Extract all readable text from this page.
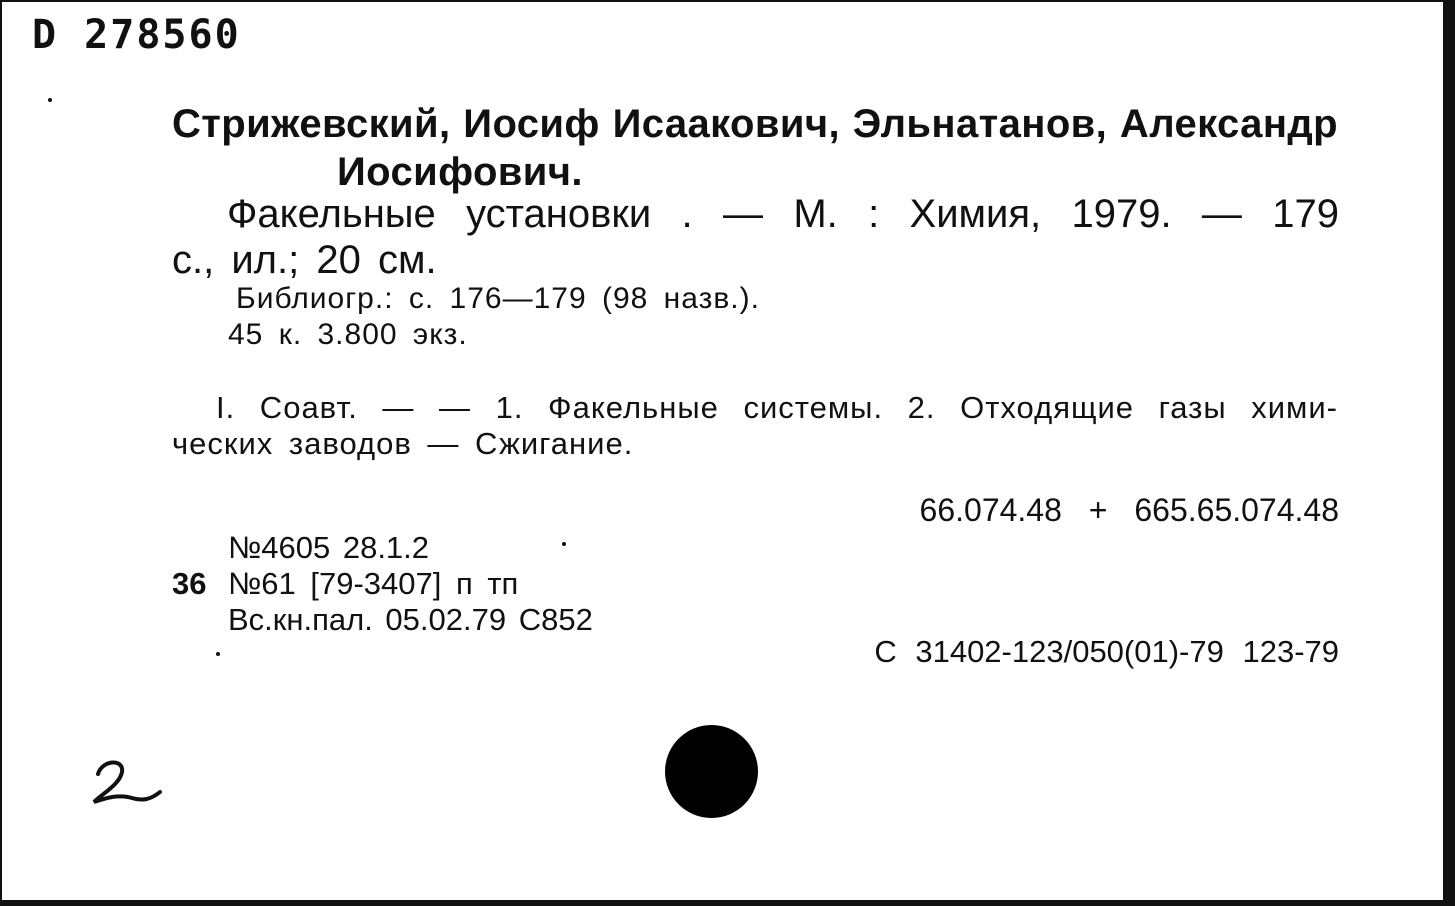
D 278560
Стрижевский, Иосиф Исаакович, Эльнатанов, Александр
Иосифович.
Факельные установки . — М. : Химия, 1979. — 179
с., ил.; 20 см.
Библиогр.: с. 176—179 (98 назв.).
45 к. 3.800 экз.
I. Соавт. — — 1. Факельные системы. 2. Отходящие газы хими-
ческих заводов — Сжигание.
66.074.48 + 665.65.074.48
№4605 28.1.2
36 №61 [79-3407] п тп
Вс.кн.пал. 05.02.79 С852
С 31402-123/050(01)-79 123-79
